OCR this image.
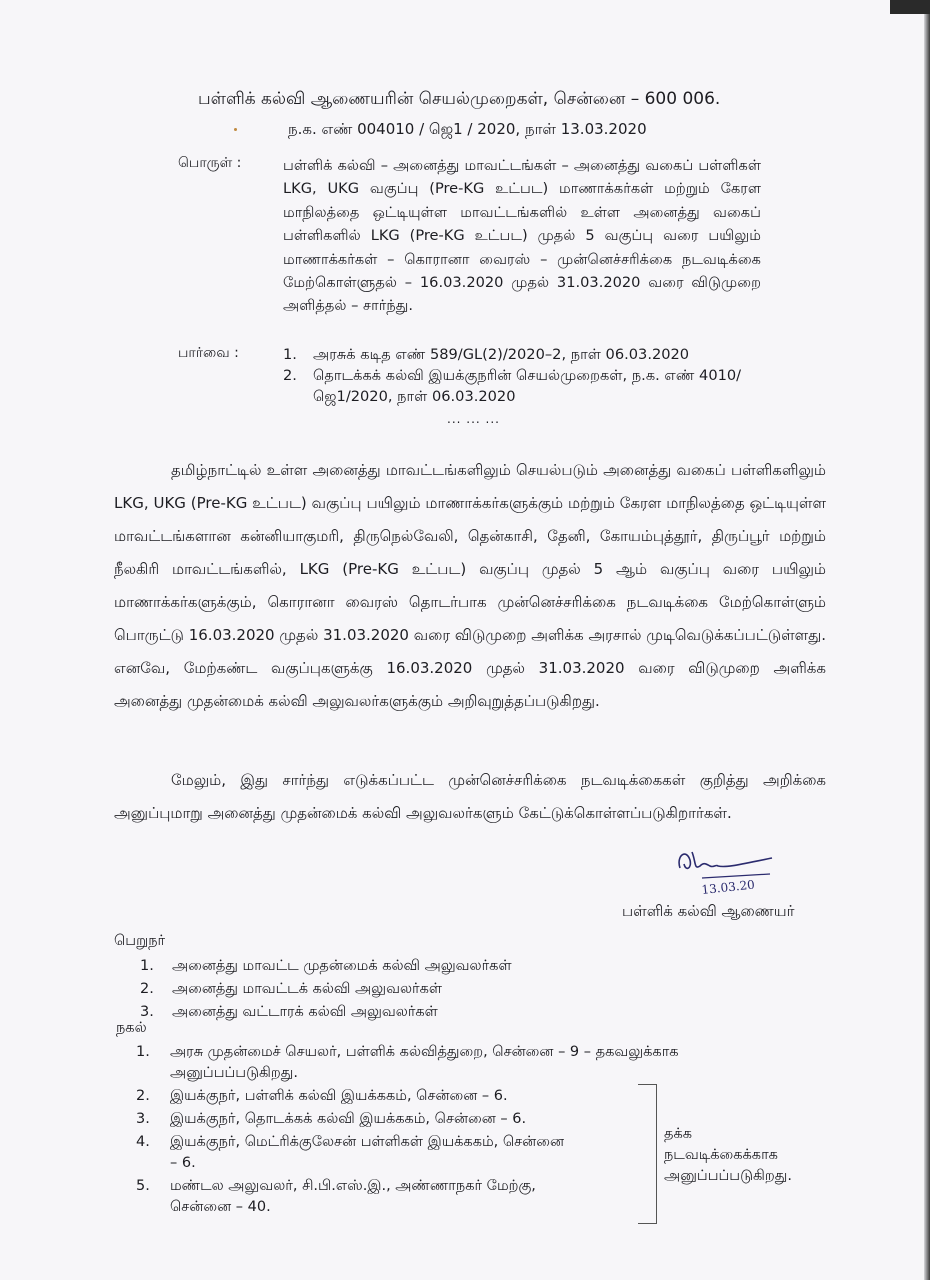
பள்ளிக் கல்வி ஆணையரின் செயல்முறைகள், சென்னை – 600 006.
ந.க. எண் 004010 / ஜெ1 / 2020, நாள் 13.03.2020
பொருள் :	பள்ளிக் கல்வி – அனைத்து மாவட்டங்கள் – அனைத்து வகைப் பள்ளிகள் LKG, UKG வகுப்பு (Pre-KG உட்பட) மாணாக்கர்கள் மற்றும் கேரள மாநிலத்தை ஒட்டியுள்ள மாவட்டங்களில் உள்ள அனைத்து வகைப் பள்ளிகளில் LKG (Pre-KG உட்பட) முதல் 5 வகுப்பு வரை பயிலும் மாணாக்கர்கள் – கொரானா வைரஸ் – முன்னெச்சரிக்கை நடவடிக்கை மேற்கொள்ளுதல் – 16.03.2020 முதல் 31.03.2020 வரை விடுமுறை அளித்தல் – சார்ந்து.
பார்வை :	1.	அரசுக் கடித எண் 589/GL(2)/2020–2, நாள் 06.03.2020
2.	தொடக்கக் கல்வி இயக்குநரின் செயல்முறைகள், ந.க. எண் 4010/ஜெ1/2020, நாள் 06.03.2020
... ... ...
தமிழ்நாட்டில் உள்ள அனைத்து மாவட்டங்களிலும் செயல்படும் அனைத்து வகைப் பள்ளிகளிலும் LKG, UKG (Pre-KG உட்பட) வகுப்பு பயிலும் மாணாக்கர்களுக்கும் மற்றும் கேரள மாநிலத்தை ஒட்டியுள்ள மாவட்டங்களான கன்னியாகுமரி, திருநெல்வேலி, தென்காசி, தேனி, கோயம்புத்தூர், திருப்பூர் மற்றும் நீலகிரி மாவட்டங்களில், LKG (Pre-KG உட்பட) வகுப்பு முதல் 5 ஆம் வகுப்பு வரை பயிலும் மாணாக்கர்களுக்கும், கொரானா வைரஸ் தொடர்பாக முன்னெச்சரிக்கை நடவடிக்கை மேற்கொள்ளும் பொருட்டு 16.03.2020 முதல் 31.03.2020 வரை விடுமுறை அளிக்க அரசால் முடிவெடுக்கப்பட்டுள்ளது. எனவே, மேற்கண்ட வகுப்புகளுக்கு 16.03.2020 முதல் 31.03.2020 வரை விடுமுறை அளிக்க அனைத்து முதன்மைக் கல்வி அலுவலர்களுக்கும் அறிவுறுத்தப்படுகிறது.
மேலும், இது சார்ந்து எடுக்கப்பட்ட முன்னெச்சரிக்கை நடவடிக்கைகள் குறித்து அறிக்கை அனுப்புமாறு அனைத்து முதன்மைக் கல்வி அலுவலர்களும் கேட்டுக்கொள்ளப்படுகிறார்கள்.
13.03.20
பள்ளிக் கல்வி ஆணையர்
பெறுநர்
1.	அனைத்து மாவட்ட முதன்மைக் கல்வி அலுவலர்கள்
2.	அனைத்து மாவட்டக் கல்வி அலுவலர்கள்
3.	அனைத்து வட்டாரக் கல்வி அலுவலர்கள்
நகல்
1.	அரசு முதன்மைச் செயலர், பள்ளிக் கல்வித்துறை, சென்னை – 9 – தகவலுக்காக அனுப்பப்படுகிறது.
2.	இயக்குநர், பள்ளிக் கல்வி இயக்ககம், சென்னை – 6.
3.	இயக்குநர், தொடக்கக் கல்வி இயக்ககம், சென்னை – 6.
4.	இயக்குநர், மெட்ரிக்குலேசன் பள்ளிகள் இயக்ககம், சென்னை – 6.
5.	மண்டல அலுவலர், சி.பி.எஸ்.இ., அண்ணாநகர் மேற்கு, சென்னை – 40.
தக்க
நடவடிக்கைக்காக
அனுப்பப்படுகிறது.
